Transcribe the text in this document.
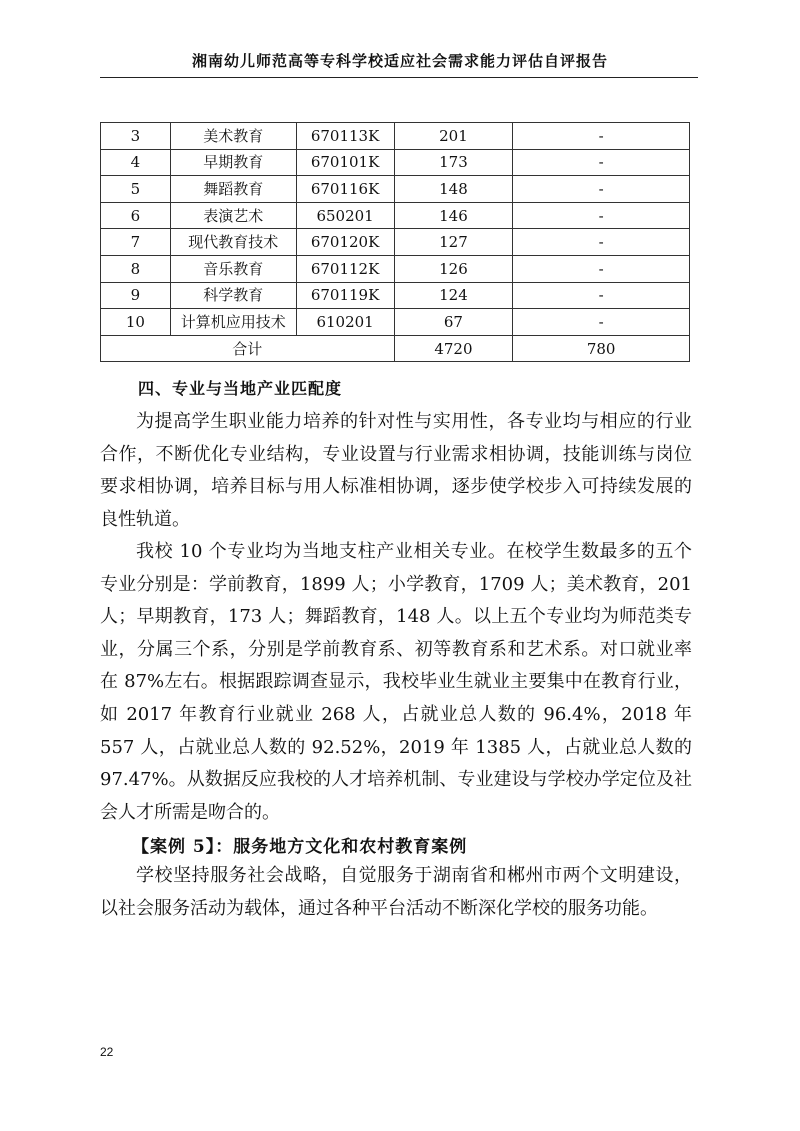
湘南幼儿师范高等专科学校适应社会需求能力评估自评报告
3	美术教育	670113K	201	-
4	早期教育	670101K	173	-
5	舞蹈教育	670116K	148	-
6	表演艺术	650201	146	-
7	现代教育技术	670120K	127	-
8	音乐教育	670112K	126	-
9	科学教育	670119K	124	-
10	计算机应用技术	610201	67	-
合计			4720	780
四、专业与当地产业匹配度

为提高学生职业能力培养的针对性与实用性，各专业均与相应的行业合作，不断优化专业结构，专业设置与行业需求相协调，技能训练与岗位要求相协调，培养目标与用人标准相协调，逐步使学校步入可持续发展的良性轨道。

我校 10 个专业均为当地支柱产业相关专业。在校学生数最多的五个专业分别是：学前教育，1899 人；小学教育，1709 人；美术教育，201 人；早期教育，173 人；舞蹈教育，148 人。以上五个专业均为师范类专业，分属三个系，分别是学前教育系、初等教育系和艺术系。对口就业率在 87%左右。根据跟踪调查显示，我校毕业生就业主要集中在教育行业，如 2017 年教育行业就业 268 人，占就业总人数的 96.4%，2018 年 557 人，占就业总人数的 92.52%，2019 年 1385 人，占就业总人数的 97.47%。从数据反应我校的人才培养机制、专业建设与学校办学定位及社会人才所需是吻合的。

【案例 5】：服务地方文化和农村教育案例

学校坚持服务社会战略，自觉服务于湖南省和郴州市两个文明建设，以社会服务活动为载体，通过各种平台活动不断深化学校的服务功能。

22
